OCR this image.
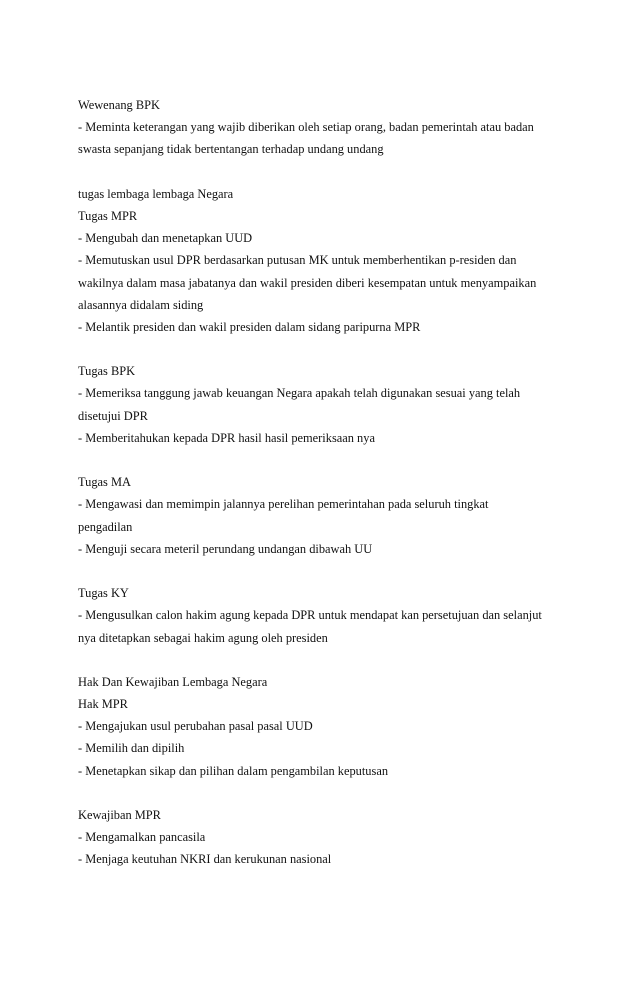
Wewenang BPK
- Meminta keterangan yang wajib diberikan oleh setiap orang, badan pemerintah atau badan
swasta sepanjang tidak bertentangan terhadap undang undang
tugas lembaga lembaga Negara
Tugas MPR
- Mengubah dan menetapkan UUD
- Memutuskan usul DPR berdasarkan putusan MK untuk memberhentikan p-residen dan
wakilnya dalam masa jabatanya dan wakil presiden diberi kesempatan untuk menyampaikan
alasannya didalam siding
- Melantik presiden dan wakil presiden dalam sidang paripurna MPR
Tugas BPK
- Memeriksa tanggung jawab keuangan Negara apakah telah digunakan sesuai yang telah
disetujui DPR
- Memberitahukan kepada DPR hasil hasil pemeriksaan nya
Tugas MA
- Mengawasi dan memimpin jalannya perelihan pemerintahan pada seluruh tingkat
pengadilan
- Menguji secara meteril perundang undangan dibawah UU
Tugas KY
- Mengusulkan calon hakim agung kepada DPR untuk mendapat kan persetujuan dan selanjut
nya ditetapkan sebagai hakim agung oleh presiden
Hak Dan Kewajiban Lembaga Negara
Hak MPR
- Mengajukan usul perubahan pasal pasal UUD
- Memilih dan dipilih
- Menetapkan sikap dan pilihan dalam pengambilan keputusan
Kewajiban MPR
- Mengamalkan pancasila
- Menjaga keutuhan NKRI dan kerukunan nasional
